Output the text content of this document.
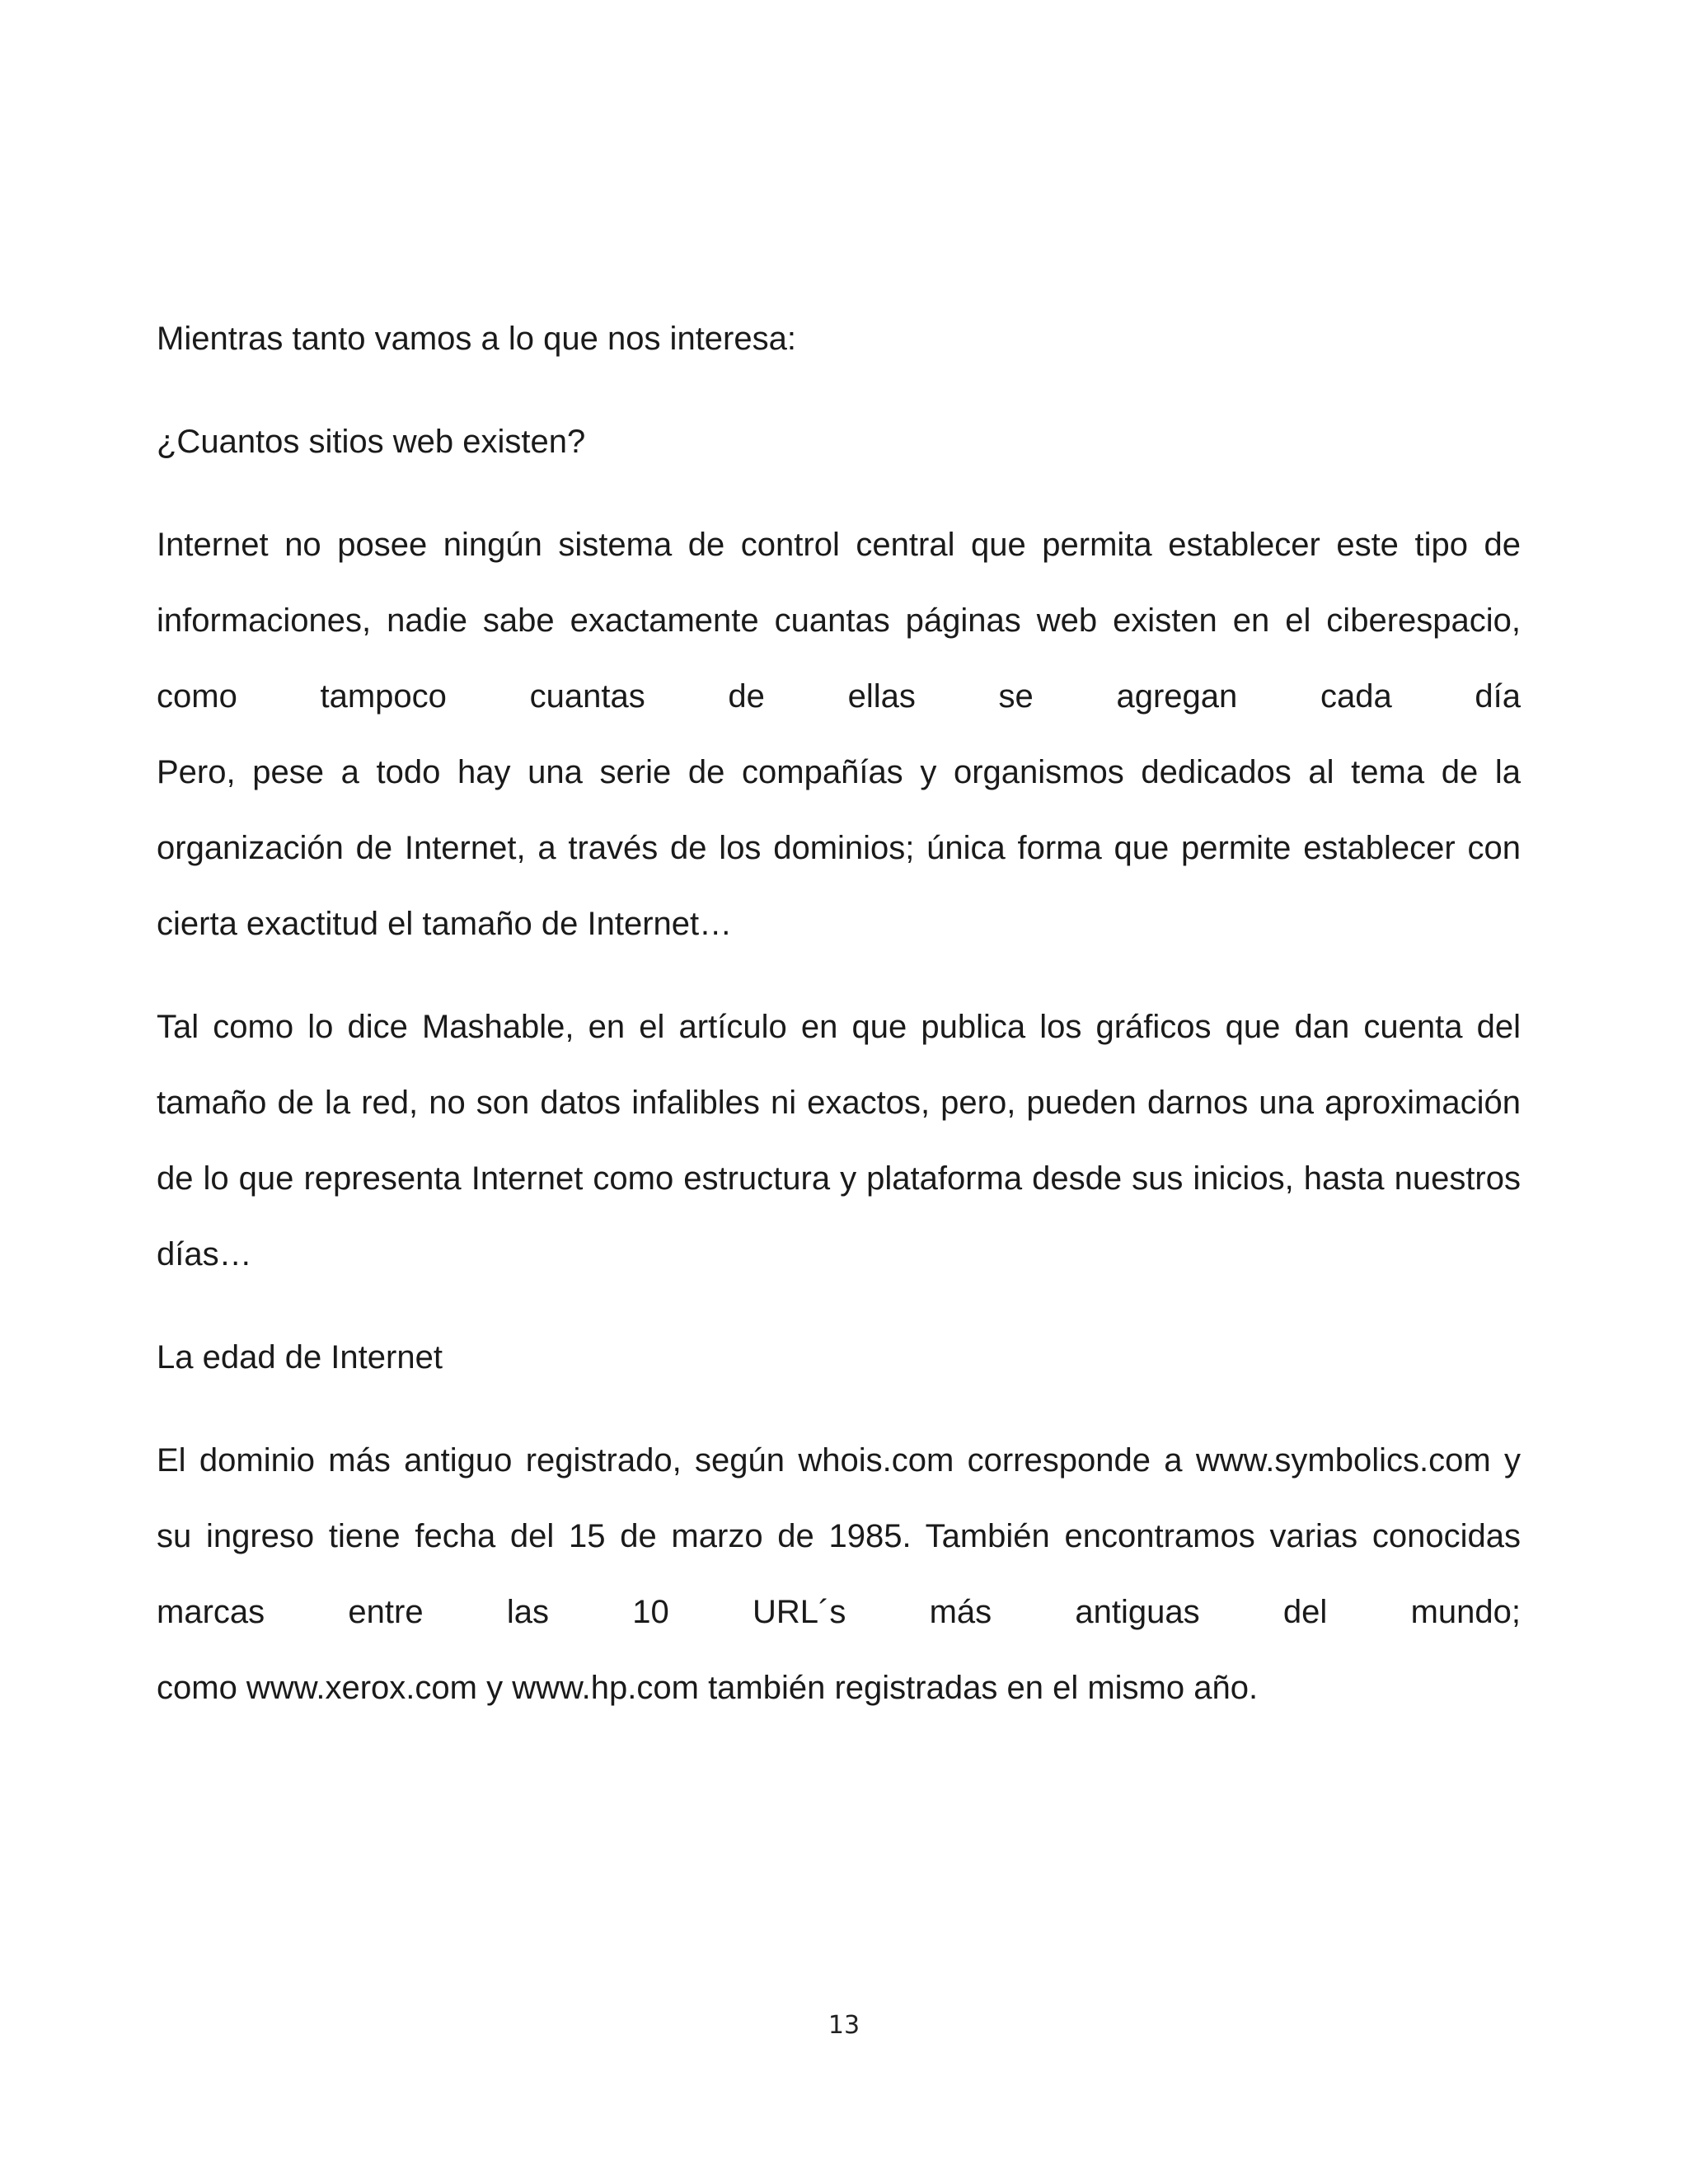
Mientras tanto vamos a lo que nos interesa:
¿Cuantos sitios web existen?
Internet no posee ningún sistema de control central que permita establecer este tipo de
informaciones, nadie sabe exactamente cuantas páginas web existen en el ciberespacio,
como tampoco cuantas de ellas se agregan cada día
Pero, pese a todo hay una serie de compañías y organismos dedicados al tema de la
organización de Internet, a través de los dominios; única forma que permite establecer con
cierta exactitud el tamaño de Internet…
Tal como lo dice Mashable, en el artículo en que publica los gráficos que dan cuenta del
tamaño de la red, no son datos infalibles ni exactos, pero, pueden darnos una aproximación
de lo que representa Internet como estructura y plataforma desde sus inicios, hasta nuestros
días…
La edad de Internet
El dominio más antiguo registrado, según whois.com corresponde a www.symbolics.com y
su ingreso tiene fecha del 15 de marzo de 1985. También encontramos varias conocidas
marcas entre las 10 URL´s más antiguas del mundo;
como www.xerox.com y www.hp.com también registradas en el mismo año.
13
